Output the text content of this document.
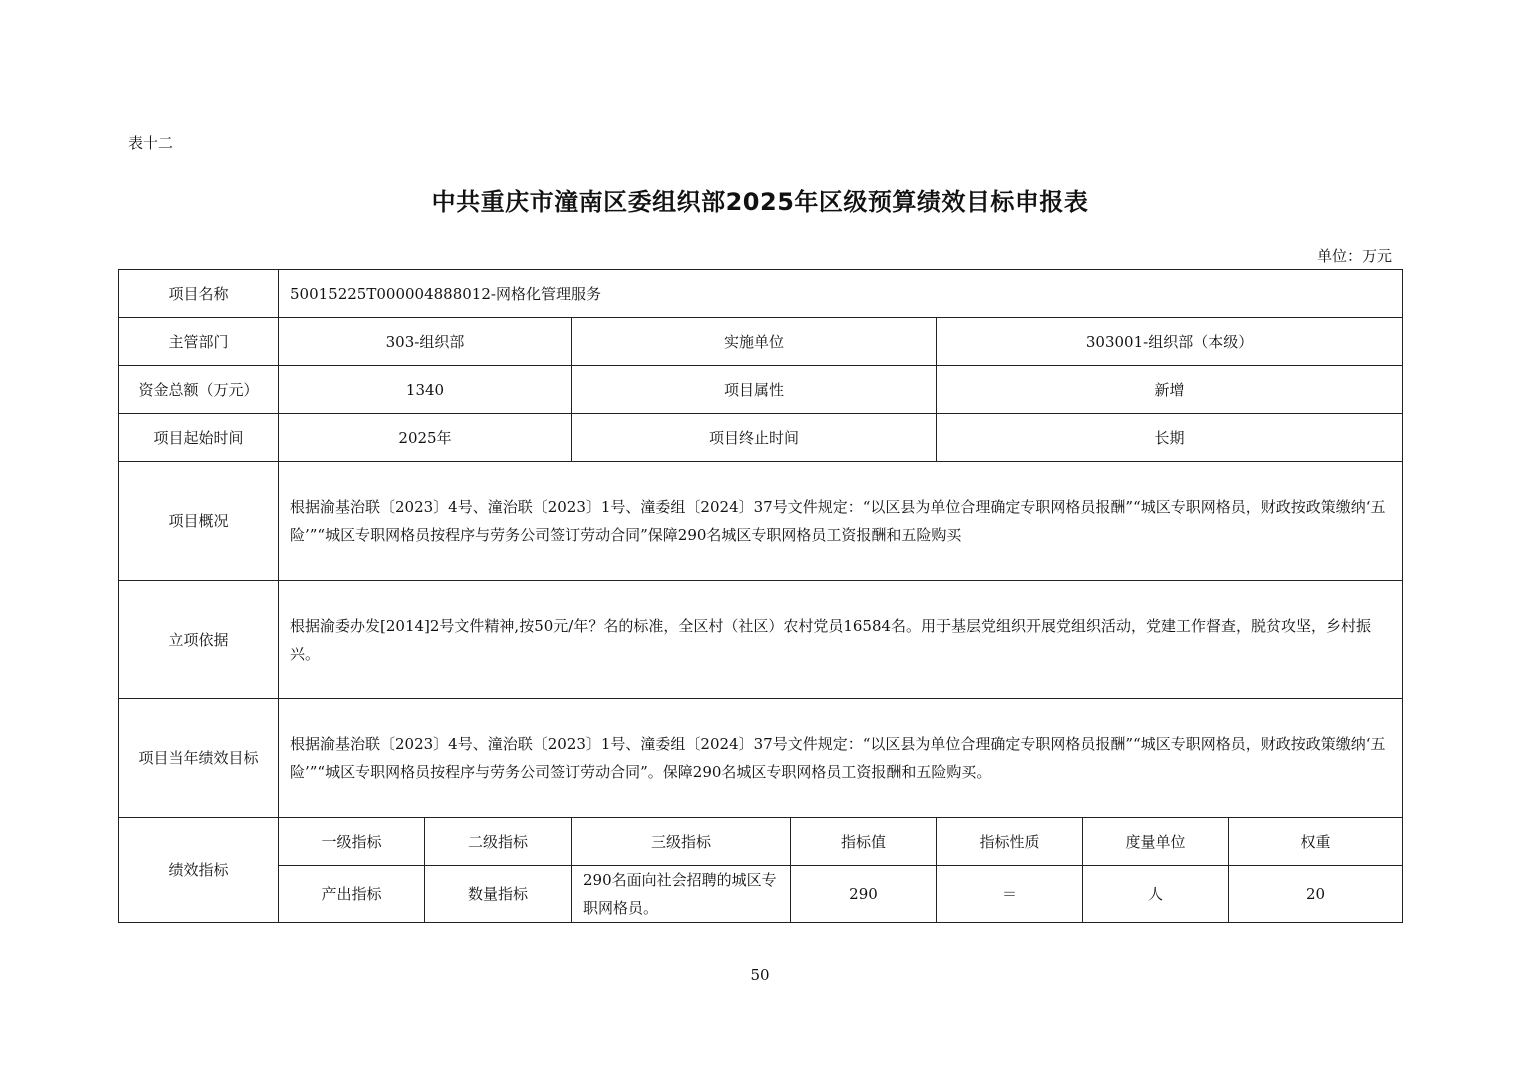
表十二
中共重庆市潼南区委组织部2025年区级预算绩效目标申报表
单位：万元
项目名称	50015225T000004888012-网格化管理服务						
主管部门	303-组织部		实施单位		303001-组织部（本级）		
资金总额（万元）	1340		项目属性		新增		
项目起始时间	2025年		项目终止时间		长期		
项目概况	根据渝基治联〔2023〕4号、潼治联〔2023〕1号、潼委组〔2024〕37号文件规定：“以区县为单位合理确定专职网格员报酬”“城区专职网格员，财政按政策缴纳‘五险’”“城区专职网格员按程序与劳务公司签订劳动合同”保障290名城区专职网格员工资报酬和五险购买						
立项依据	根据渝委办发[2014]2号文件精神,按50元/年？名的标准，全区村（社区）农村党员16584名。用于基层党组织开展党组织活动，党建工作督查，脱贫攻坚，乡村振兴。						
项目当年绩效目标	根据渝基治联〔2023〕4号、潼治联〔2023〕1号、潼委组〔2024〕37号文件规定：“以区县为单位合理确定专职网格员报酬”“城区专职网格员，财政按政策缴纳‘五险’”“城区专职网格员按程序与劳务公司签订劳动合同”。保障290名城区专职网格员工资报酬和五险购买。						
绩效指标	一级指标	二级指标	三级指标	指标值	指标性质	度量单位	权重
	产出指标	数量指标	290名面向社会招聘的城区专职网格员。	290	＝	人	20
50
